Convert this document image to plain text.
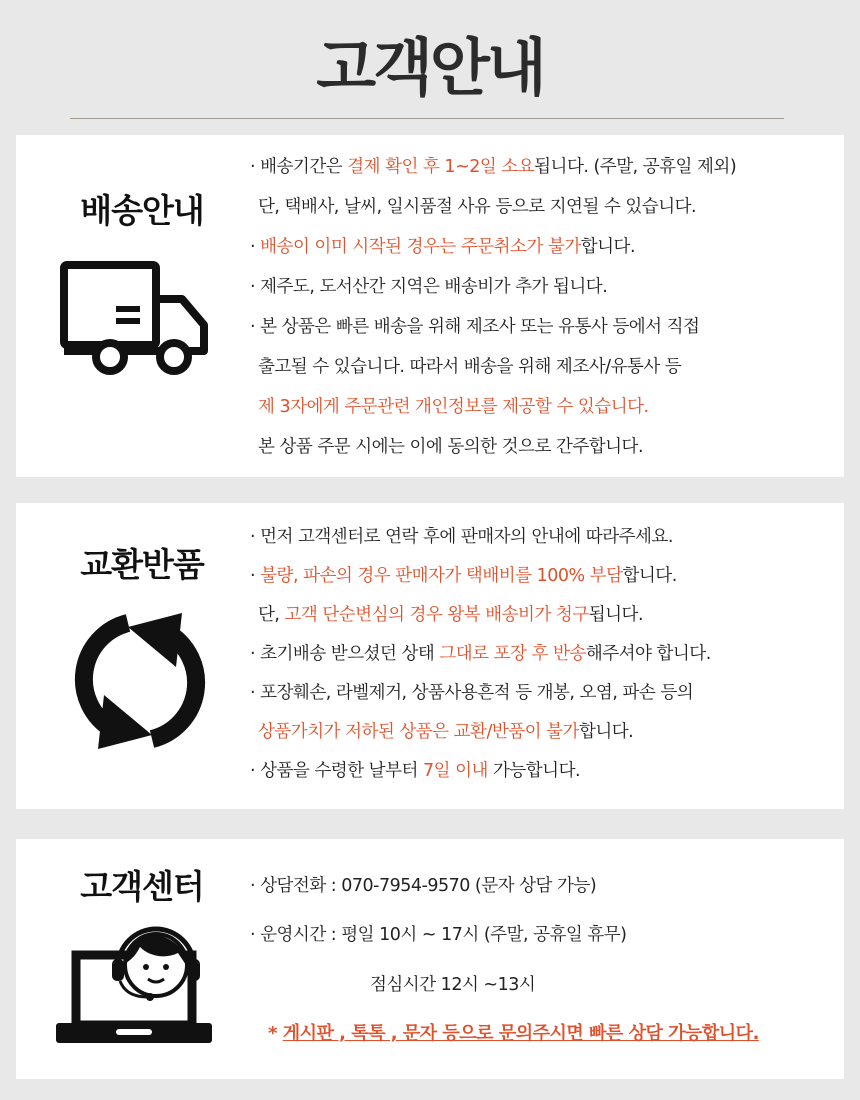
고객안내
배송안내
· 배송기간은 결제 확인 후 1~2일 소요됩니다. (주말, 공휴일 제외)
단, 택배사, 날씨, 일시품절 사유 등으로 지연될 수 있습니다.
· 배송이 이미 시작된 경우는 주문취소가 불가합니다.
· 제주도, 도서산간 지역은 배송비가 추가 됩니다.
· 본 상품은 빠른 배송을 위해 제조사 또는 유통사 등에서 직접
출고될 수 있습니다. 따라서 배송을 위해 제조사/유통사 등
제 3자에게 주문관련 개인정보를 제공할 수 있습니다.
본 상품 주문 시에는 이에 동의한 것으로 간주합니다.
교환반품
· 먼저 고객센터로 연락 후에 판매자의 안내에 따라주세요.
· 불량, 파손의 경우 판매자가 택배비를 100% 부담합니다.
단, 고객 단순변심의 경우 왕복 배송비가 청구됩니다.
· 초기배송 받으셨던 상태 그대로 포장 후 반송해주셔야 합니다.
· 포장훼손, 라벨제거, 상품사용흔적 등 개봉, 오염, 파손 등의
상품가치가 저하된 상품은 교환/반품이 불가합니다.
· 상품을 수령한 날부터 7일 이내 가능합니다.
고객센터	· 상담전화 : 070-7954-9570 (문자 상담 가능)
· 운영시간 : 평일 10시 ~ 17시 (주말, 공휴일 휴무)
점심시간 12시 ~13시
* 게시판 , 톡톡 , 문자 등으로 문의주시면 빠른 상담 가능합니다.
